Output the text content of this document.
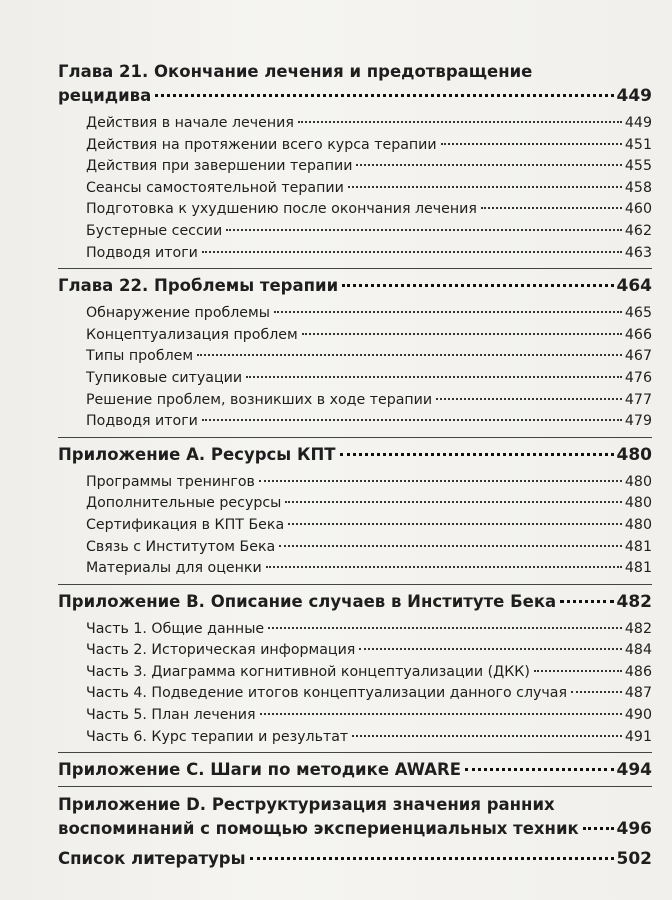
Глава 21. Окончание лечения и предотвращение
рецидива	449
Действия в начале лечения	449
Действия на протяжении всего курса терапии	451
Действия при завершении терапии	455
Сеансы самостоятельной терапии	458
Подготовка к ухудшению после окончания лечения	460
Бустерные сессии	462
Подводя итоги	463
Глава 22. Проблемы терапии	464
Обнаружение проблемы	465
Концептуализация проблем	466
Типы проблем	467
Тупиковые ситуации	476
Решение проблем, возникших в ходе терапии	477
Подводя итоги	479
Приложение А. Ресурсы КПТ	480
Программы тренингов	480
Дополнительные ресурсы	480
Сертификация в КПТ Бека	480
Связь с Институтом Бека	481
Материалы для оценки	481
Приложение В. Описание случаев в Институте Бека	482
Часть 1. Общие данные	482
Часть 2. Историческая информация	484
Часть 3. Диаграмма когнитивной концептуализации (ДКК)	486
Часть 4. Подведение итогов концептуализации данного случая	487
Часть 5. План лечения	490
Часть 6. Курс терапии и результат	491
Приложение С. Шаги по методике AWARE	494
Приложение D. Реструктуризация значения ранних
воспоминаний с помощью экспериенциальных техник 496
Список литературы	502
